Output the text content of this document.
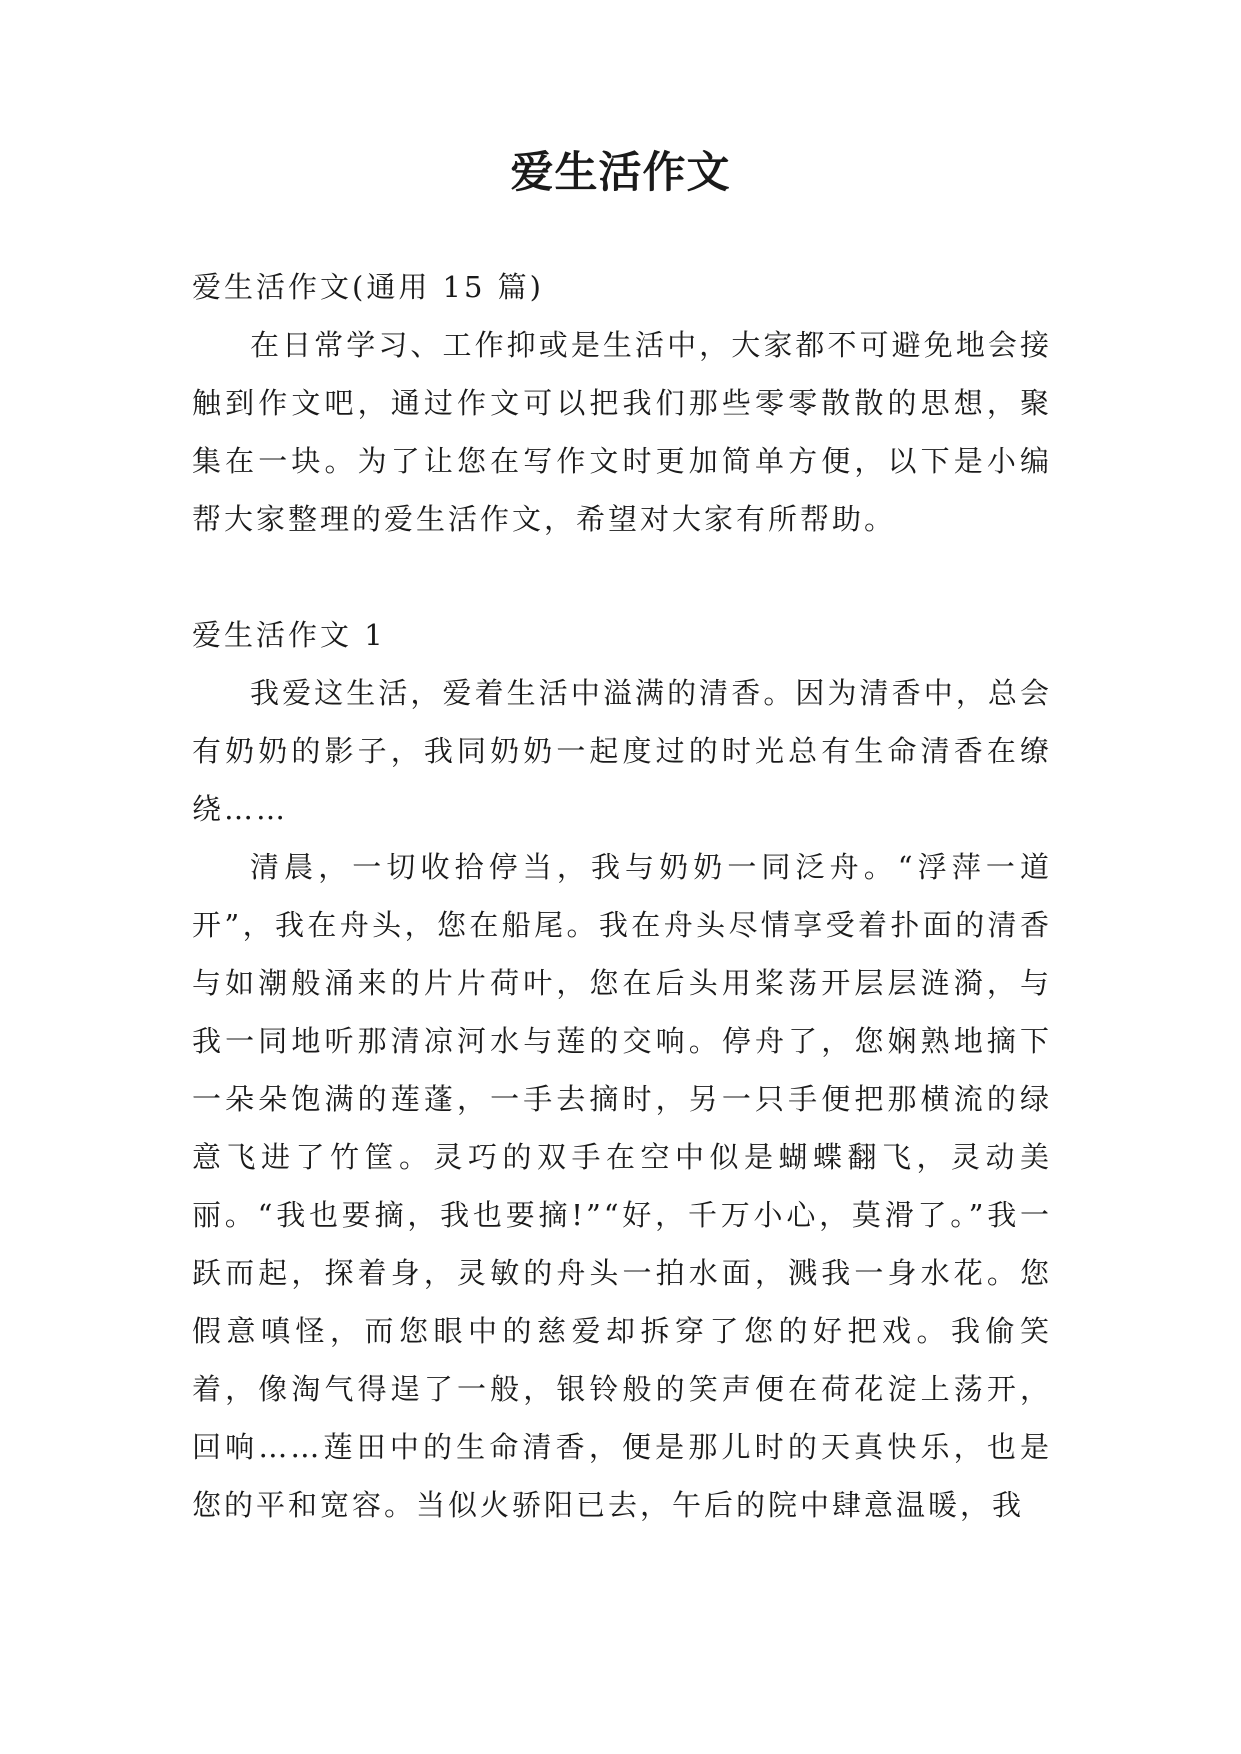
爱生活作文

爱生活作文(通用 15 篇)

在日常学习、工作抑或是生活中，大家都不可避免地会接触到作文吧，通过作文可以把我们那些零零散散的思想，聚集在一块。为了让您在写作文时更加简单方便，以下是小编帮大家整理的爱生活作文，希望对大家有所帮助。

爱生活作文 1

我爱这生活，爱着生活中溢满的清香。因为清香中，总会有奶奶的影子，我同奶奶一起度过的时光总有生命清香在缭绕……

清晨，一切收拾停当，我与奶奶一同泛舟。“浮萍一道开”，我在舟头，您在船尾。我在舟头尽情享受着扑面的清香与如潮般涌来的片片荷叶，您在后头用桨荡开层层涟漪，与我一同地听那清凉河水与莲的交响。停舟了，您娴熟地摘下一朵朵饱满的莲蓬，一手去摘时，另一只手便把那横流的绿意飞进了竹筐。灵巧的双手在空中似是蝴蝶翻飞，灵动美丽。“我也要摘，我也要摘!”“好，千万小心，莫滑了。”我一跃而起，探着身，灵敏的舟头一拍水面，溅我一身水花。您假意嗔怪，而您眼中的慈爱却拆穿了您的好把戏。我偷笑着，像淘气得逞了一般，银铃般的笑声便在荷花淀上荡开，回响……莲田中的生命清香，便是那儿时的天真快乐，也是您的平和宽容。当似火骄阳已去，午后的院中肆意温暖，我
